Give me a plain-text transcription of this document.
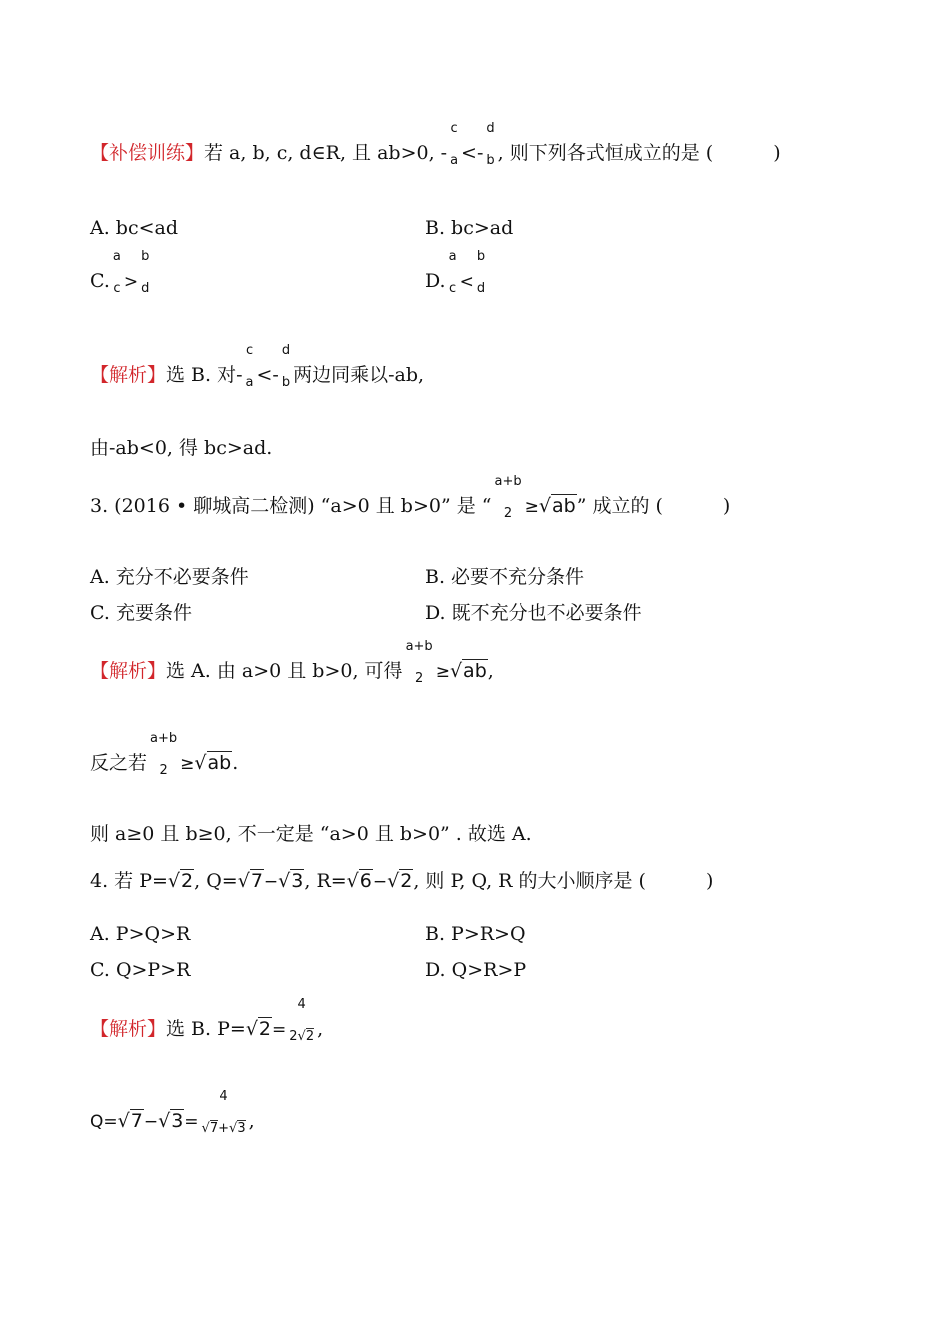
【补偿训练】若 a, b, c, d∈R, 且 ab>0, -
c
a <-
d
b , 则下列各式恒成立的是 (	)
A. bc<ad	B. bc>ad
C.
a
c >
b
d	D.
a
c <
b
d
【解析】选 B. 对-
c
a <-
d
b 两边同乘以-ab,
由-ab<0, 得 bc>ad.
3. (2016 • 聊城高二检测) “a>0 且 b>0” 是 “
a+b
2 ≥√ab” 成立的 (	)
A. 充分不必要条件	B. 必要不充分条件
C. 充要条件	D. 既不充分也不必要条件
【解析】选 A. 由 a>0 且 b>0, 可得
a+b
2 ≥√ab,
反之若
a+b
2 ≥√ab.
则 a≥0 且 b≥0, 不一定是 “a>0 且 b>0” . 故选 A.
4. 若 P=√2, Q=√7−√3, R=√6−√2, 则 P, Q, R 的大小顺序是 (	)
A. P>Q>R	B. P>R>Q
C. Q>P>R	D. Q>R>P
【解析】选 B. P=√2=
4
2√2 ,
Q=√7−√3=
4
√7+√3 ,
